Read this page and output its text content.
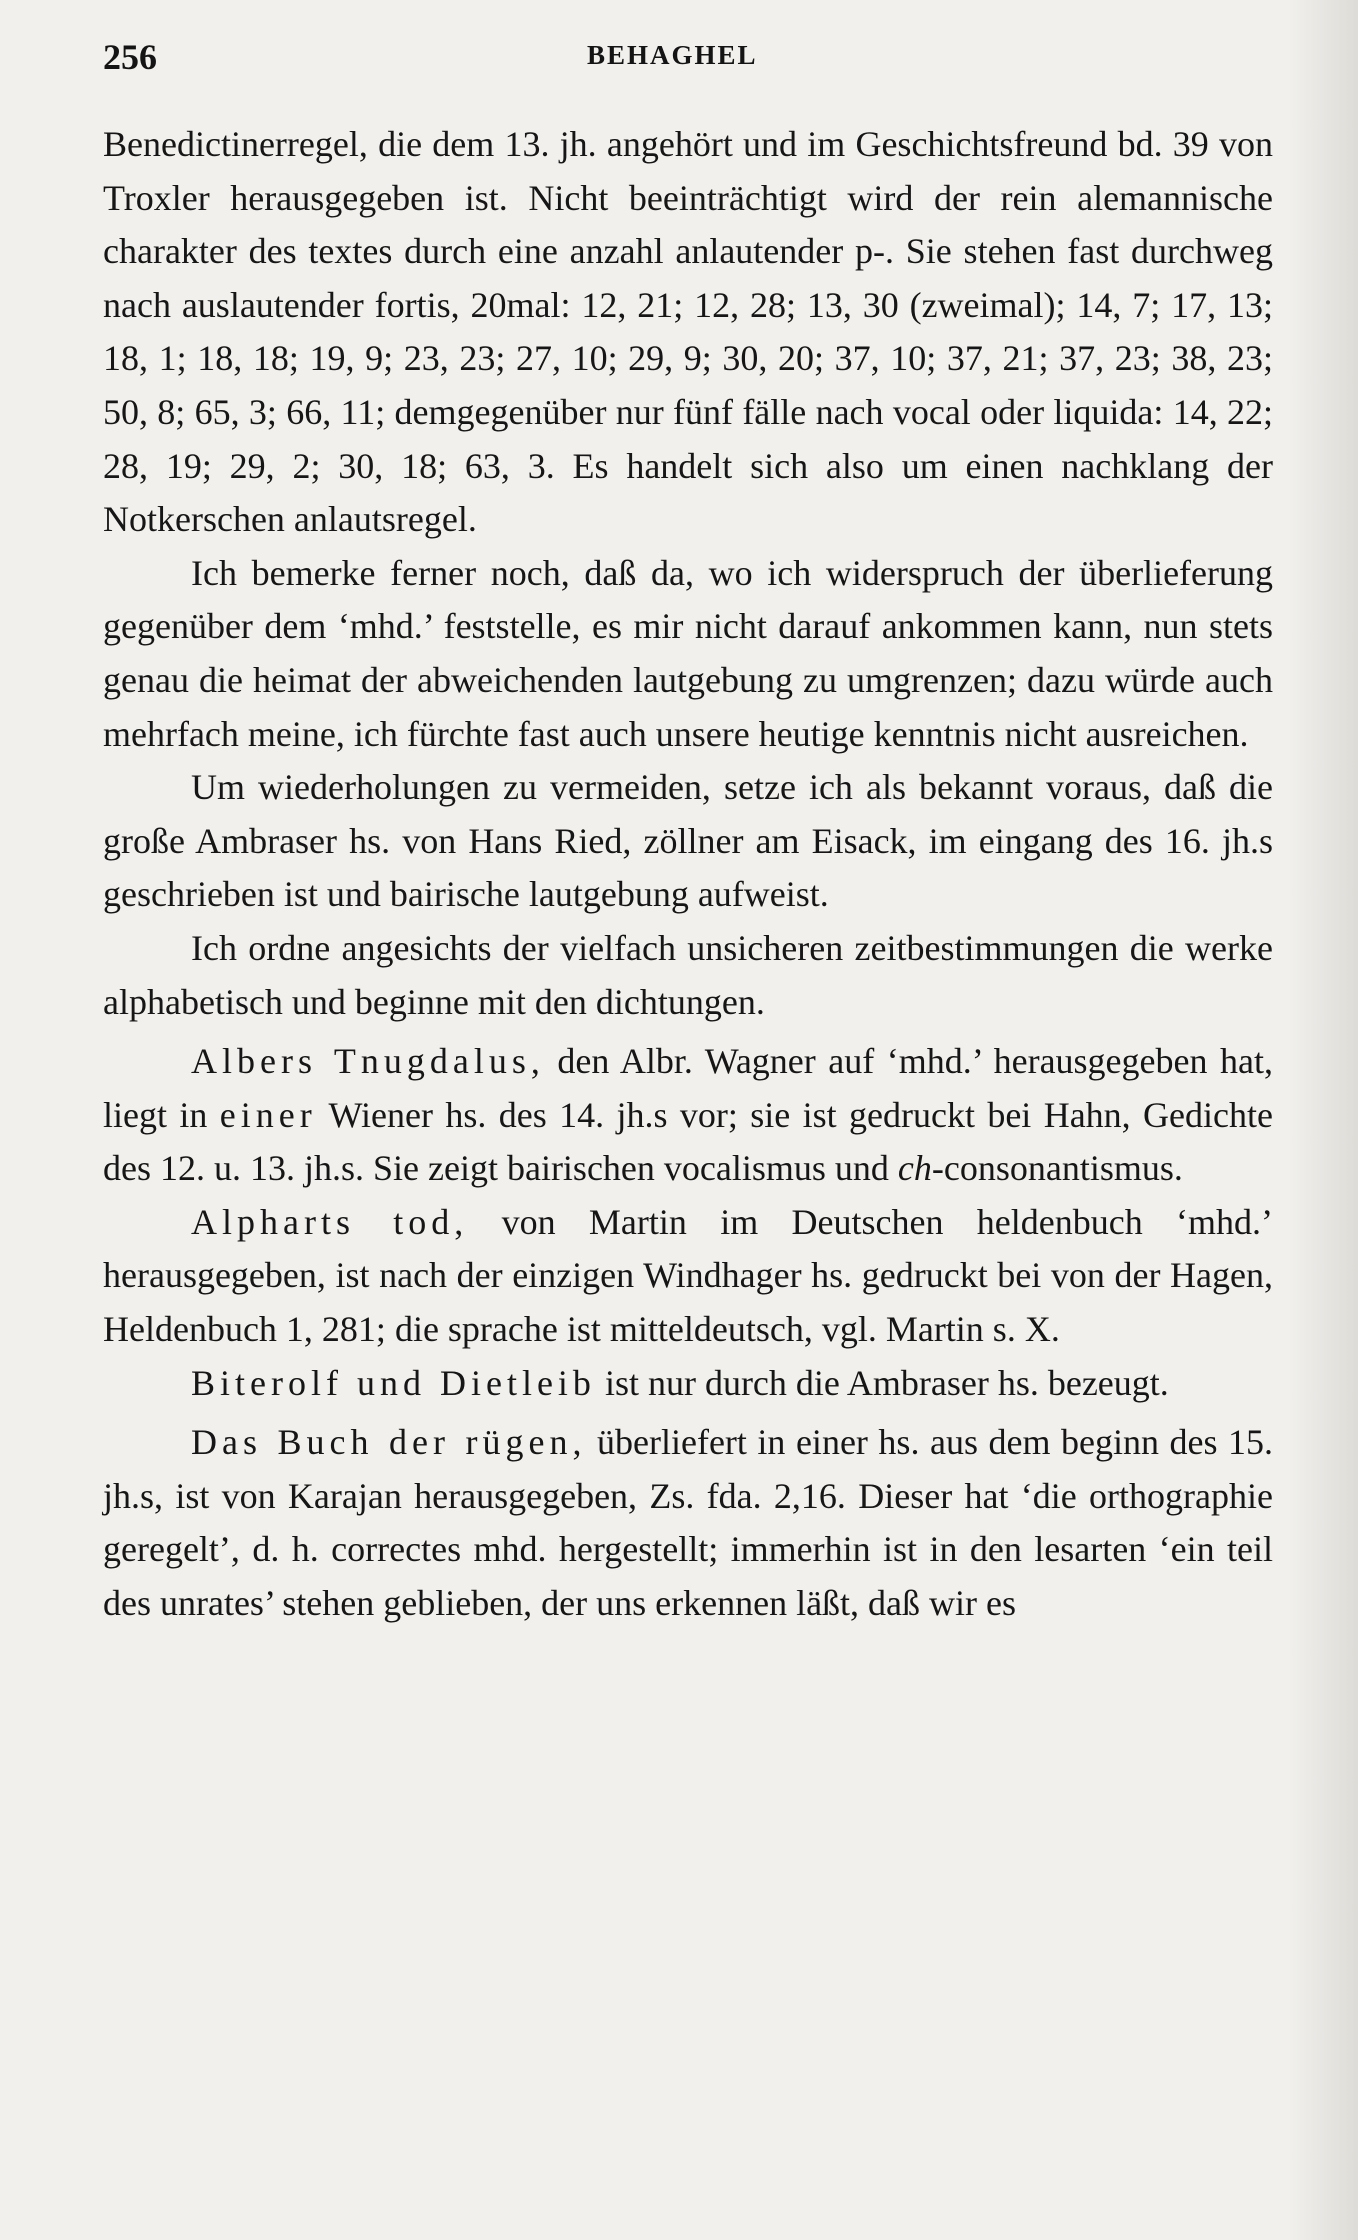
256	BEHAGHEL

Benedictinerregel, die dem 13. jh. angehört und im Geschichtsfreund bd. 39 von Troxler herausgegeben ist. Nicht beeinträchtigt wird der rein alemannische charakter des textes durch eine anzahl anlautender p-. Sie stehen fast durchweg nach auslautender fortis, 20mal: 12, 21; 12, 28; 13, 30 (zweimal); 14, 7; 17, 13; 18, 1; 18, 18; 19, 9; 23, 23; 27, 10; 29, 9; 30, 20; 37, 10; 37, 21; 37, 23; 38, 23; 50, 8; 65, 3; 66, 11; demgegenüber nur fünf fälle nach vocal oder liquida: 14, 22; 28, 19; 29, 2; 30, 18; 63, 3. Es handelt sich also um einen nachklang der Notkerschen anlautsregel.

Ich bemerke ferner noch, daß da, wo ich widerspruch der überlieferung gegenüber dem ‘mhd.’ feststelle, es mir nicht darauf ankommen kann, nun stets genau die heimat der abweichenden lautgebung zu umgrenzen; dazu würde auch mehrfach meine, ich fürchte fast auch unsere heutige kenntnis nicht ausreichen.

Um wiederholungen zu vermeiden, setze ich als bekannt voraus, daß die große Ambraser hs. von Hans Ried, zöllner am Eisack, im eingang des 16. jh.s geschrieben ist und bairische lautgebung aufweist.

Ich ordne angesichts der vielfach unsicheren zeitbestimmungen die werke alphabetisch und beginne mit den dichtungen.

Albers Tnugdalus, den Albr. Wagner auf ‘mhd.’ herausgegeben hat, liegt in einer Wiener hs. des 14. jh.s vor; sie ist gedruckt bei Hahn, Gedichte des 12. u. 13. jh.s. Sie zeigt bairischen vocalismus und ch-consonantismus.

Alpharts tod, von Martin im Deutschen heldenbuch ‘mhd.’ herausgegeben, ist nach der einzigen Windhager hs. gedruckt bei von der Hagen, Heldenbuch 1, 281; die sprache ist mitteldeutsch, vgl. Martin s. X.

Biterolf und Dietleib ist nur durch die Ambraser hs. bezeugt.

Das Buch der rügen, überliefert in einer hs. aus dem beginn des 15. jh.s, ist von Karajan herausgegeben, Zs. fda. 2,16. Dieser hat ‘die orthographie geregelt’, d. h. correctes mhd. hergestellt; immerhin ist in den lesarten ‘ein teil des unrates’ stehen geblieben, der uns erkennen läßt, daß wir es
